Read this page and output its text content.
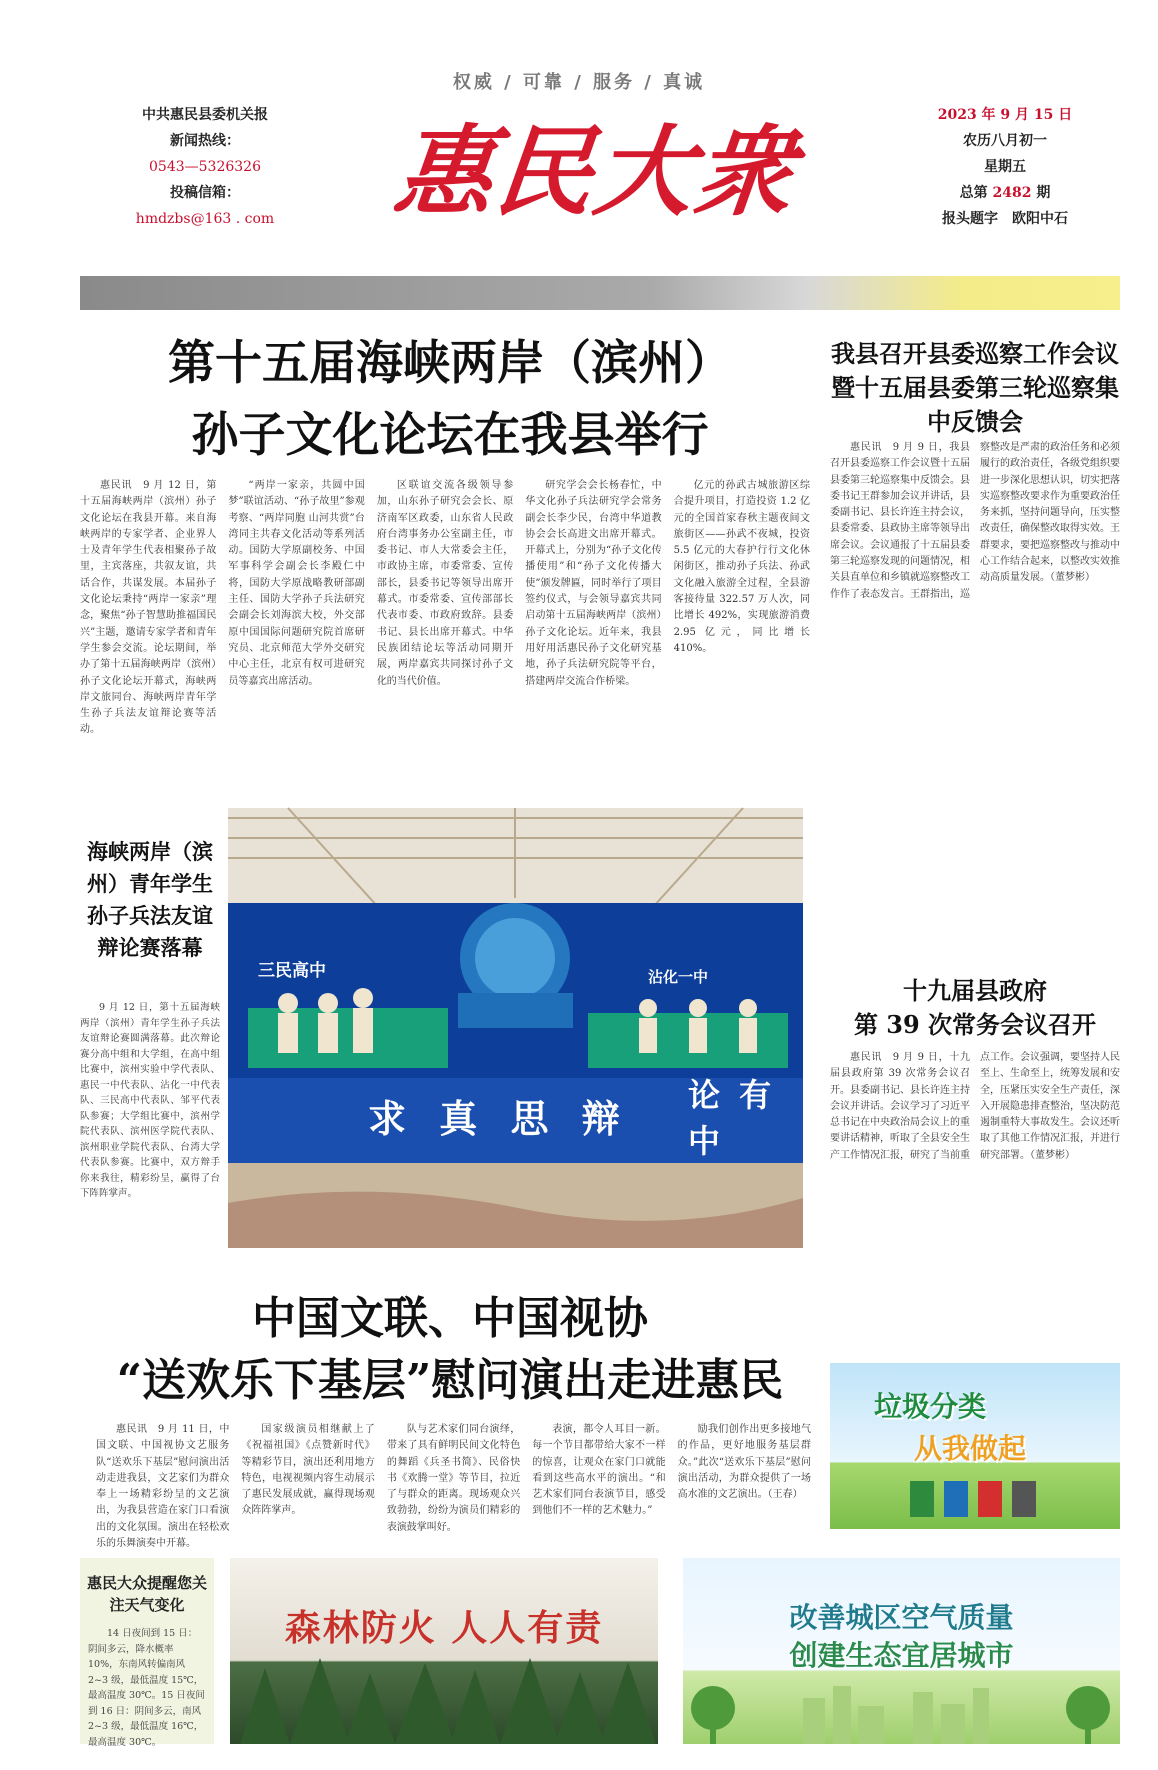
权威 / 可靠 / 服务 / 真诚
中共惠民县委机关报
新闻热线：
0543—5326326
投稿信箱：
hmdzbs@163 . com 惠民大衆	2023 年 9 月 15 日
农历八月初一
星期五
总第 2482 期
报头题字　欧阳中石
第十五届海峡两岸（滨州）
孙子文化论坛在我县举行
惠民讯　9 月 12 日，第十五届海峡两岸（滨州）孙子文化论坛在我县开幕。来自海峡两岸的专家学者、企业界人士及青年学生代表相聚孙子故里，主宾落座，共叙友谊，共话合作，共谋发展。本届孙子文化论坛秉持“两岸一家亲”理念，聚焦“孙子智慧助推福国民兴”主题，邀请专家学者和青年学生参会交流。论坛期间，举办了第十五届海峡两岸（滨州）孙子文化论坛开幕式，海峡两岸文旅同台、海峡两岸青年学生孙子兵法友谊辩论赛等活动。
“两岸一家亲，共圆中国梦”联谊活动、“孙子故里”参观考察、“两岸同胞 山河共赏”台湾同主共春文化活动等系列活动。国防大学原副校务、中国军事科学会副会长李殿仁中将，国防大学原战略教研部副主任、国防大学孙子兵法研究会副会长刘海滨大校，外交部原中国国际问题研究院首席研究员、北京师范大学外交研究中心主任，北京有权可进研究员等嘉宾出席活动。
区联谊交流各级领导参加，山东孙子研究会会长、原济南军区政委，山东省人民政府台湾事务办公室副主任，市委书记、市人大常委会主任，市政协主席，市委常委、宣传部长，县委书记等领导出席开幕式。市委常委、宣传部部长代表市委、市政府致辞。县委书记、县长出席开幕式。中华民族团结论坛等活动同期开展，两岸嘉宾共同探讨孙子文化的当代价值。
研究学会会长杨春忙，中华文化孙子兵法研究学会常务副会长李少民，台湾中华道教协会会长高进文出席开幕式。开幕式上，分别为“孙子文化传播使用”和“孙子文化传播大使”颁发牌匾，同时举行了项目签约仪式，与会领导嘉宾共同启动第十五届海峡两岸（滨州）孙子文化论坛。近年来，我县用好用活惠民孙子文化研究基地，孙子兵法研究院等平台，搭建两岸交流合作桥梁。
亿元的孙武古城旅游区综合提升项目，打造投资 1.2 亿元的全国首家春秋主题夜间文旅街区——孙武不夜城，投资 5.5 亿元的大春护行行文化休闲街区，推动孙子兵法、孙武文化融入旅游全过程，全县游客接待量 322.57 万人次，同比增长 492%，实现旅游消费 2.95 亿元，同比增长 410%。
我县召开县委巡察工作会议暨十五届县委第三轮巡察集中反馈会
惠民讯　9 月 9 日，我县召开县委巡察工作会议暨十五届县委第三轮巡察集中反馈会。县委书记王群参加会议并讲话，县委副书记、县长许连主持会议，县委常委、县政协主席等领导出席会议。会议通报了十五届县委第三轮巡察发现的问题情况，相关县直单位和乡镇就巡察整改工作作了表态发言。王群指出，巡察整改是严肃的政治任务和必须履行的政治责任，各级党组织要进一步深化思想认识，切实把落实巡察整改要求作为重要政治任务来抓，坚持问题导向，压实整改责任，确保整改取得实效。王群要求，要把巡察整改与推动中心工作结合起来，以整改实效推动高质量发展。（董梦彬）
三民高中	沾化一中
求 真 思 辩
论 有 中
海峡两岸（滨州）青年学生孙子兵法友谊辩论赛落幕
9 月 12 日，第十五届海峡两岸（滨州）青年学生孙子兵法友谊辩论赛圆满落幕。此次辩论赛分高中组和大学组，在高中组比赛中，滨州实验中学代表队、惠民一中代表队、沾化一中代表队、三民高中代表队、邹平代表队参赛；大学组比赛中，滨州学院代表队、滨州医学院代表队、滨州职业学院代表队、台湾大学代表队参赛。比赛中，双方辩手你来我往，精彩纷呈，赢得了台下阵阵掌声。
十九届县政府
第 39 次常务会议召开
惠民讯　9 月 9 日，十九届县政府第 39 次常务会议召开。县委副书记、县长许连主持会议并讲话。会议学习了习近平总书记在中央政治局会议上的重要讲话精神，听取了全县安全生产工作情况汇报，研究了当前重点工作。会议强调，要坚持人民至上、生命至上，统筹发展和安全，压紧压实安全生产责任，深入开展隐患排查整治，坚决防范遏制重特大事故发生。会议还听取了其他工作情况汇报，并进行研究部署。（董梦彬）
中国文联、中国视协
“送欢乐下基层”慰问演出走进惠民
惠民讯　9 月 11 日，中国文联、中国视协文艺服务队“送欢乐下基层”慰问演出活动走进我县，文艺家们为群众奉上一场精彩纷呈的文艺演出，为我县营造在家门口看演出的文化氛围。演出在轻松欢乐的乐舞演奏中开幕。
国家级演员相继献上了《祝福祖国》《点赞新时代》等精彩节目，演出还利用地方特色，电视视频内容生动展示了惠民发展成就，赢得现场观众阵阵掌声。
队与艺术家们同台演绎，带来了具有鲜明民间文化特色的舞蹈《兵圣书简》、民俗快书《欢腾一堂》等节目，拉近了与群众的距离。现场观众兴致勃勃，纷纷为演员们精彩的表演鼓掌叫好。
表演，都令人耳目一新。每一个节目都带给大家不一样的惊喜，让观众在家门口就能看到这些高水平的演出。“和艺术家们同台表演节目，感受到他们不一样的艺术魅力。”
励我们创作出更多接地气的作品，更好地服务基层群众。”此次“送欢乐下基层”慰问演出活动，为群众提供了一场高水准的文艺演出。（王春）
垃圾分类
从我做起
惠民大众提醒您关注天气变化
14 日夜间到 15 日：阴间多云，降水概率 10%，东南风转偏南风 2~3 级，最低温度 15℃，最高温度 30℃。15 日夜间到 16 日：阴间多云，南风 2~3 级，最低温度 16℃，最高温度 30℃。
森林防火 人人有责	改善城区空气质量
创建生态宜居城市
